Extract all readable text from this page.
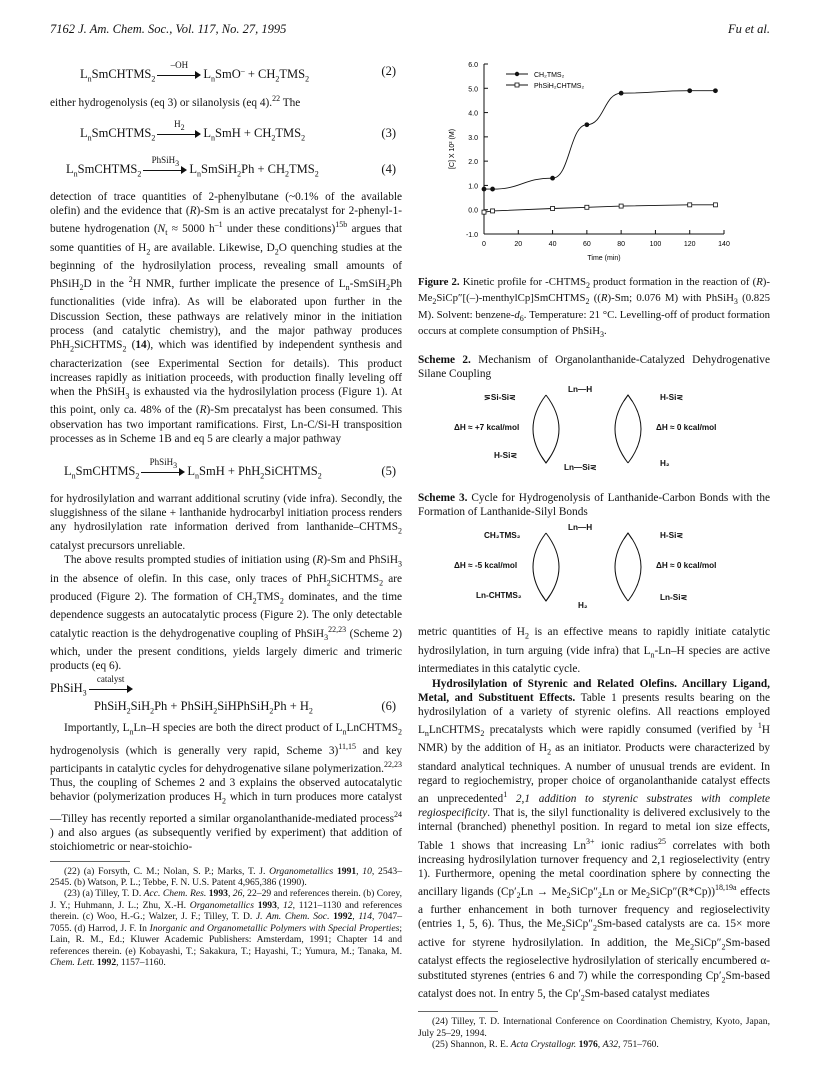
7162 J. Am. Chem. Soc., Vol. 117, No. 27, 1995	Fu et al.
$L_nSmCHTMS_2$
–OH
$L_nSmO^- + CH_2TMS_2$
(2)

either hydrogenolysis (eq 3) or silanolysis (eq 4).$^{22}$ The

$L_nSmCHTMS_2$
$H_2$	$L_nSmH + CH_2TMS_2$	(3)
$L_nSmCHTMS_2$
PhSiH$_3$ $L_nSmSiH_2Ph + CH_2TMS_2$	(4)

detection of trace quantities of 2-phenylbutane (~0.1% of the available olefin) and the evidence that (R)-Sm is an active precatalyst for 2-phenyl-1-butene hydrogenation ($N_t \approx 5000$ $h^{-1}$ under these conditions)$^{15b}$ argues that some quantities of $H_2$ are available. Likewise, $D_2O$ quenching studies at the beginning of the hydrosilylation process, revealing small amounts of PhSiH$_2$D in the $^2$H NMR, further implicate the presence of $L_n-SmSiH_2Ph$ functionalities (vide infra). As will be elaborated upon further in the Discussion Section, these pathways are relatively minor in the initiation process (and catalytic chemistry), and the major pathway produces PhH$_2$SiCHTMS$_2$ (14), which was identified by independent synthesis and characterization (see Experimental Section for details). This product increases rapidly as initiation proceeds, with production finally leveling off when the PhSiH$_3$ is exhausted via the hydrosilylation process (Figure 1). At this point, only ca. 48% of the (R)-Sm precatalyst has been consumed. This observation has two important ramifications. First, Ln-C/Si-H transposition processes as in Scheme 1B and eq 5 are clearly a major pathway

$L_nSmCHTMS_2$
PhSiH$_3$ $L_nSmH$ + PhH$_2$SiCHTMS$_2$	(5)

for hydrosilylation and warrant additional scrutiny (vide infra). Secondly, the sluggishness of the silane + lanthanide hydrocarbyl initiation process renders any hydrosilylation rate information derived from lanthanide–$CHTMS_2$ catalyst precursors unreliable.

The above results prompted studies of initiation using (R)-Sm and PhSiH$_3$ in the absence of olefin. In this case, only traces of PhH$_2$SiCHTMS$_2$ are produced (Figure 2). The formation of $CH_2TMS_2$ dominates, and the time dependence suggests an autocatalytic process (Figure 2). The only detectable catalytic reaction is the dehydrogenative coupling of PhSiH$_3^{22,23}$ (Scheme 2) which, under the present conditions, yields largely dimeric and trimeric products (eq 6).

PhSiH$_3$
catalyst
PhSiH$_2$SiH$_2$Ph + PhSiH$_2$SiHPhSiH$_2$Ph + $H_2$	(6)

Importantly, $L_nLn-H$ species are both the direct product of $L_nLnCHTMS_2$ hydrogenolysis (which is generally very rapid, Scheme 3)$^{11,15}$ and key participants in catalytic cycles for dehydrogenative silane polymerization.$^{22,23}$ Thus, the coupling of Schemes 2 and 3 explains the observed autocatalytic behavior (polymerization produces $H_2$ which in turn produces more catalyst—Tilley has recently reported a similar organolanthanide-mediated process$^{24}$ ) and also argues (as subsequently verified by experiment) that addition of stoichiometric or near-stoichio-

(22) (a) Forsyth, C. M.; Nolan, S. P.; Marks, T. J. Organometallics 1991, 10, 2543–2545. (b) Watson, P. L.; Tebbe, F. N. U.S. Patent 4,965,386 (1990).

(23) (a) Tilley, T. D. Acc. Chem. Res. 1993, 26, 22–29 and references therein. (b) Corey, J. Y.; Huhmann, J. L.; Zhu, X.-H. Organometallics 1993, 12, 1121–1130 and references therein. (c) Woo, H.-G.; Walzer, J. F.; Tilley, T. D. J. Am. Chem. Soc. 1992, 114, 7047–7055. (d) Harrod, J. F. In Inorganic and Organometallic Polymers with Special Properties; Lain, R. M., Ed.; Kluwer Academic Publishers: Amsterdam, 1991; Chapter 14 and references therein. (e) Kobayashi, T.; Sakakura, T.; Hayashi, T.; Yumura, M.; Tanaka, M. Chem. Lett. 1992, 1157–1160.

-1.0
0.0
1.0
2.0
3.0
4.0
5.0
6.0
0	20	40	60	80	100	120	140
Time (min)
[C] X 10² (M)
CH₂TMS₂
PhSiH₂CHTMS₂

Figure 2. Kinetic profile for $-CHTMS_2$ product formation in the reaction of $(R)-Me_2SiCp''[(-)-menthylCp]SmCHTMS_2$ ((R)-Sm; 0.076 M) with PhSiH$_3$ (0.825 M). Solvent: benzene-$d_6$. Temperature: 21 °C. Levelling-off of product formation occurs at complete consumption of PhSiH$_3$.

Scheme 2. Mechanism of Organolanthanide-Catalyzed Dehydrogenative Silane Coupling

⋝Si-Si⋜
Ln—H
H-Si⋜
ΔH ≈ +7 kcal/mol	ΔH ≈ 0 kcal/mol
H-Si⋜
Ln—Si⋜	H₂

Scheme 3. Cycle for Hydrogenolysis of Lanthanide-Carbon Bonds with the Formation of Lanthanide-Silyl Bonds

CH₂TMS₂
Ln—H
H-Si⋜
ΔH ≈ -5 kcal/mol	ΔH ≈ 0 kcal/mol
Ln-CHTMS₂
H₂
Ln-Si⋜

metric quantities of $H_2$ is an effective means to rapidly initiate catalytic hydrosilylation, in turn arguing (vide infra) that $L_n-Ln-H$ species are active intermediates in this catalytic cycle.

Hydrosilylation of Styrenic and Related Olefins. Ancillary Ligand, Metal, and Substituent Effects. Table 1 presents results bearing on the hydrosilylation of a variety of styrenic olefins. All reactions employed $L_nLnCHTMS_2$ precatalysts which were rapidly consumed (verified by $^1$H NMR) by the addition of $H_2$ as an initiator. Products were characterized by standard analytical techniques. A number of unusual trends are evident. In regard to regiochemistry, proper choice of organolanthanide catalyst effects an unprecedented$^1$ 2,1 addition to styrenic substrates with complete regiospecificity. That is, the silyl functionality is delivered exclusively to the internal (branched) phenethyl position. In regard to metal ion size effects, Table 1 shows that increasing $Ln^{3+}$ ionic radius$^{25}$ correlates with both increasing hydrosilylation turnover frequency and 2,1 regioselectivity (entry 1). Furthermore, opening the metal coordination sphere by connecting the ancillary ligands ($Cp'_2Ln$ → $Me_2SiCp''_2Ln$ or $Me_2SiCp''(R*Cp))^{18,19a}$ effects a further enhancement in both turnover frequency and regioselectivity (entries 1, 5, 6). Thus, the $Me_2SiCp''_2Sm$-based catalysts are ca. 15× more active for styrene hydrosilylation. In addition, the $Me_2SiCp''_2Sm$-based catalyst effects the regioselective hydrosilylation of sterically encumbered α-substituted styrenes (entries 6 and 7) while the corresponding $Cp'_2Sm$-based catalyst does not. In entry 5, the $Cp'_2Sm$-based catalyst mediates

(24) Tilley, T. D. International Conference on Coordination Chemistry, Kyoto, Japan, July 25–29, 1994.

(25) Shannon, R. E. Acta Crystallogr. 1976, A32, 751–760.
